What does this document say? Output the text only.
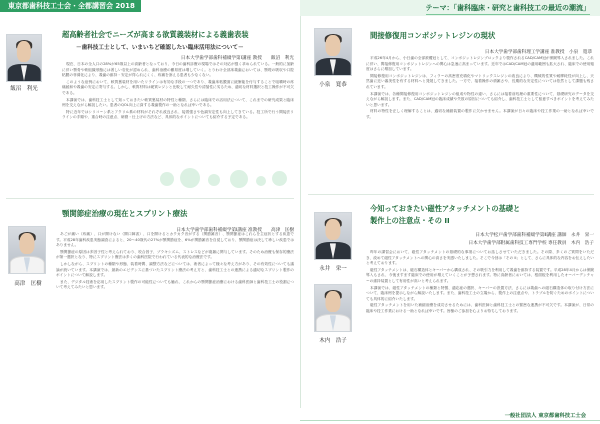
東京都歯科技工士会・全都講習会 2018	テーマ：「歯科臨床・研究と歯科技工の最近の潮流」
飯沼　利光
超高齢者社会でニーズが高まる欲質義装材による義歯表装
－歯科技工士として、いまいちど確認したい臨床活用法について－
日本大学歯学部歯科補綴学第Ⅰ講座 教授　　飯沼　利光

現在、日本の全人口の28%が65歳以上の高齢者となっており、今日の歯科診療の現場ではその対応が強く求められている。一般的に加齢に伴い顎骨や軟組織形態には著しい変化が認められ、歯科治療の難易度は増していく。とりわけ全部床義歯においては、顎堤の吸収や口腔粘膜の菲薄化により、義歯の維持・安定が得られにくく、疼痛を訴える患者も少なくない。

このような症例において、軟質裏装材を用いたリラインは有効な手段の一つであり、義歯床粘膜面に緩衝能を付与することで咀嚼時の疼痛緩和や義歯の安定に寄与する。しかし、軟質材料は硬質レジンと比較して耐久性や清掃性に劣るため、適切な材料選択と技工操作が不可欠である。

本講演では、歯科技工士として知っておきたい軟質裏装材の特性と種類、さらには臨床での活用法について、これまでの研究成果と臨床例を交えながら解説したい。患者のQOL向上に資する義歯製作の一助となれば幸いである。

特に近年ではシリコーン系とアクリル系の材料がそれぞれ改良され、接着強さや色調安定性も向上してきている。技工所で行う間接法リラインの手順や、重合時の注意点、研磨・仕上げの方法など、具体的なポイントについても紹介する予定である。

顎関節症治療の現在とスプリント療法
日本大学歯学部歯科補綴学第Ⅰ講座 准教授　　高津　匡樹
高津　匡樹

あごが痛い（疼痛）、口が開けない（開口障害）、口を開けるとカクカク音がする（関節雑音）、顎関節症はこれらを主症状とする疾患です。平成28年歯科疾患実態調査によると、20〜40歳代の27%が顎関節症を、6%が関節雑音を自覚しており、顎関節症は決して珍しい疾患ではありません。

顎関節症の原因は多因子性と考えられており、咬合因子、ブラキシズム、ストレスなどが複雑に関与しています。そのため治療も保存的療法が第一選択となり、特にスプリント療法は多くの歯科医院で行われている代表的な治療法です。

しかしながら、スプリントの種類や形態、装着時間、調整方法などについては、術者によって様々な考え方があり、その有効性についても議論が続いています。本講演では、最新のエビデンスに基づいたスプリント療法の考え方と、歯科技工士との連携による適切なスプリント製作のポイントについて解説します。

また、デジタル技術を応用したスプリント製作の可能性についても触れ、これからの顎関節症治療における歯科医師と歯科技工士の役割について考えてみたいと思います。

小泉　寛恭
間接修復用コンポジットレジンの現状
日本大学歯学部歯科理工学講座 准教授　小泉　寛恭

平成26年4月から、小臼歯の全部被覆冠として、コンポジットレジンブロックより製作されるCAD/CAM冠が保険導入されました。これに伴い、間接修復用コンポジットレジンへの関心は急速に高まっています。近年ではCAD/CAM冠の適用範囲も拡大され、臨床での使用頻度はさらに増加しています。

間接修復用コンポジットレジンは、フィラーの高密度充填化やマトリックスレジンの改良により、機械的性質や耐摩耗性が向上し、天然歯に近い審美性を有する材料へと発展してきました。一方で、接着操作の煩雑さや、長期的な安定性については依然として課題も残されています。

本講演では、各種間接修復用コンポジットレジンの組成や物性の違い、さらには接着前処理の重要性について、基礎研究のデータを交えながら解説します。また、CAD/CAM冠の臨床成績や失敗の原因についても紹介し、歯科技工士として留意すべきポイントを考えてみたいと思います。

材料の特性を正しく理解することは、適切な補綴装置の製作に欠かせません。本講演が日々の臨床や技工作業の一助となれば幸いです。

今知っておきたい磁性アタッチメントの基礎と
製作上の注意点・その II
日本大学松戸歯学部歯科補綴学第Ⅱ講座 講師　永井　栄一
日本大学歯学部附属歯科技工専門学校 専任教員　木内　浩子
永井　栄一
木内　浩子

昨年の講習会において、磁性アタッチメントの基礎的な事項についてお話しさせていただきました。その際、多くのご質問をいただき、改めて磁性アタッチメントへの関心の高さを実感いたしました。そこで今回は「その II」として、さらに具体的な内容をお伝えしたいと考えております。

磁性アタッチメントは、磁石構造体とキーパーから構成され、その吸引力を利用して義歯を維持する装置です。平成28年4月からは保険導入もされ、今後ますます臨床での使用が増えていくことが予想されます。特に高齢者においては、根面板を利用したオーバーデンチャーの維持装置として有用性が高いと考えられます。

本講演では、磁性アタッチメントの種類と特徴、適応症の選択、キーパーの設置方法、さらには義歯への磁石構造体の取り付け方法について、臨床例を提示しながら解説いたします。また、歯科技工士の立場から、製作上の注意点や、トラブルを防ぐためのポイントについても具体的に紹介いたします。

磁性アタッチメントを用いた補綴治療を成功させるためには、歯科医師と歯科技工士との緊密な連携が不可欠です。本講演が、日常の臨床や技工作業における一助となれば幸いです。皆様のご参加を心よりお待ちしております。

一般社団法人 東京都歯科技工士会
